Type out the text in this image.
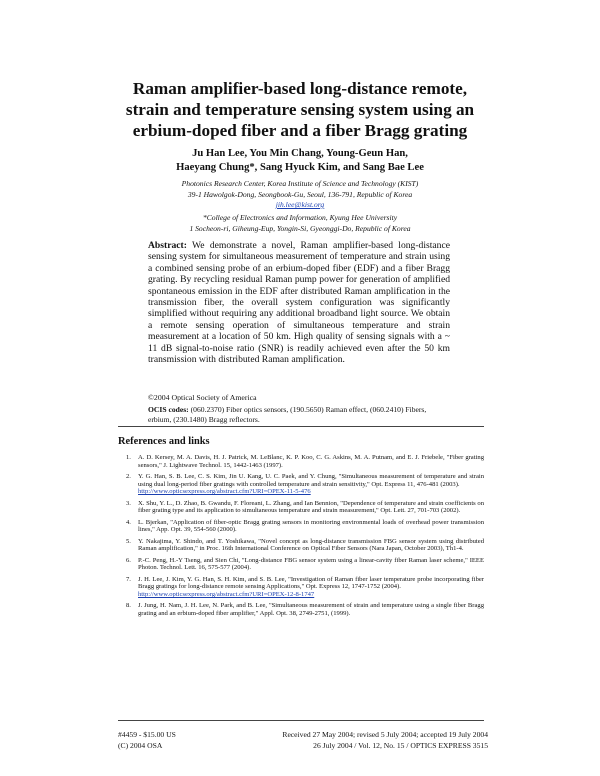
Raman amplifier-based long-distance remote,
strain and temperature sensing system using an
erbium-doped fiber and a fiber Bragg grating
Ju Han Lee, You Min Chang, Young-Geun Han,
Haeyang Chung*, Sang Hyuck Kim, and Sang Bae Lee
Photonics Research Center, Korea Institute of Science and Technology (KIST)
39-1 Hawolgok-Dong, Seongbook-Gu, Seoul, 136-791, Republic of Korea
jih.lee@kist.org
*College of Electronics and Information, Kyung Hee University
1 Socheon-ri, Giheung-Eup, Yongin-Si, Gyeonggi-Do, Republic of Korea
Abstract: We demonstrate a novel, Raman amplifier-based long-distance sensing system for simultaneous measurement of temperature and strain using a combined sensing probe of an erbium-doped fiber (EDF) and a fiber Bragg grating. By recycling residual Raman pump power for generation of amplified spontaneous emission in the EDF after distributed Raman amplification in the transmission fiber, the overall system configuration was significantly simplified without requiring any additional broadband light source. We obtain a remote sensing operation of simultaneous temperature and strain measurement at a location of 50 km. High quality of sensing signals with a ~ 11 dB signal-to-noise ratio (SNR) is readily achieved even after the 50 km transmission with distributed Raman amplification.
©2004 Optical Society of America
OCIS codes: (060.2370) Fiber optics sensors, (190.5650) Raman effect, (060.2410) Fibers, erbium, (230.1480) Bragg reflectors.
References and links
1. A. D. Kersey, M. A. Davis, H. J. Patrick, M. LeBlanc, K. P. Koo, C. G. Askins, M. A. Putnam, and E. J. Friebele, "Fiber grating sensors," J. Lightwave Technol. 15, 1442-1463 (1997).
2. Y. G. Han, S. B. Lee, C. S. Kim, Jin U. Kang, U. C. Paek, and Y. Chung, "Simultaneous measurement of temperature and strain using dual long-period fiber gratings with controlled temperature and strain sensitivity," Opt. Express 11, 476-481 (2003).
http://www.opticsexpress.org/abstract.cfm?URI=OPEX-11-5-476
3. X. Shu, Y. L., D. Zhao, B. Gwandu, F. Floreani, L. Zhang, and Ian Bennion, "Dependence of temperature and strain coefficients on fiber grating type and its application to simultaneous temperature and strain measurement," Opt. Lett. 27, 701-703 (2002).
4. L. Bjerkan, "Application of fiber-optic Bragg grating sensors in monitoring environmental loads of overhead power transmission lines," App. Opt. 39, 554-560 (2000).
5. Y. Nakajima, Y. Shindo, and T. Yoshikawa, "Novel concept as long-distance transmission FBG sensor system using distributed Raman amplification," in Proc. 16th International Conference on Optical Fiber Sensors (Nara Japan, October 2003), Th1-4.
6. P.-C. Peng, H.-Y Tseng, and Sien Chi, "Long-distance FBG sensor system using a linear-cavity fiber Raman laser scheme," IEEE Photon. Technol. Lett. 16, 575-577 (2004).
7. J. H. Lee, J. Kim, Y. G. Han, S. H. Kim, and S. B. Lee, "Investigation of Raman fiber laser temperature probe incorporating fiber Bragg gratings for long-distance remote sensing Applications," Opt. Express 12, 1747-1752 (2004).
http://www.opticsexpress.org/abstract.cfm?URI=OPEX-12-8-1747
8. J. Jung, H. Nam, J. H. Lee, N. Park, and B. Lee, "Simultaneous measurement of strain and temperature using a single fiber Bragg grating and an erbium-doped fiber amplifier," Appl. Opt. 38, 2749-2751, (1999).
#4459 - $15.00 US
(C) 2004 OSA
Received 27 May 2004; revised 5 July 2004; accepted 19 July 2004
26 July 2004 / Vol. 12, No. 15 / OPTICS EXPRESS 3515
